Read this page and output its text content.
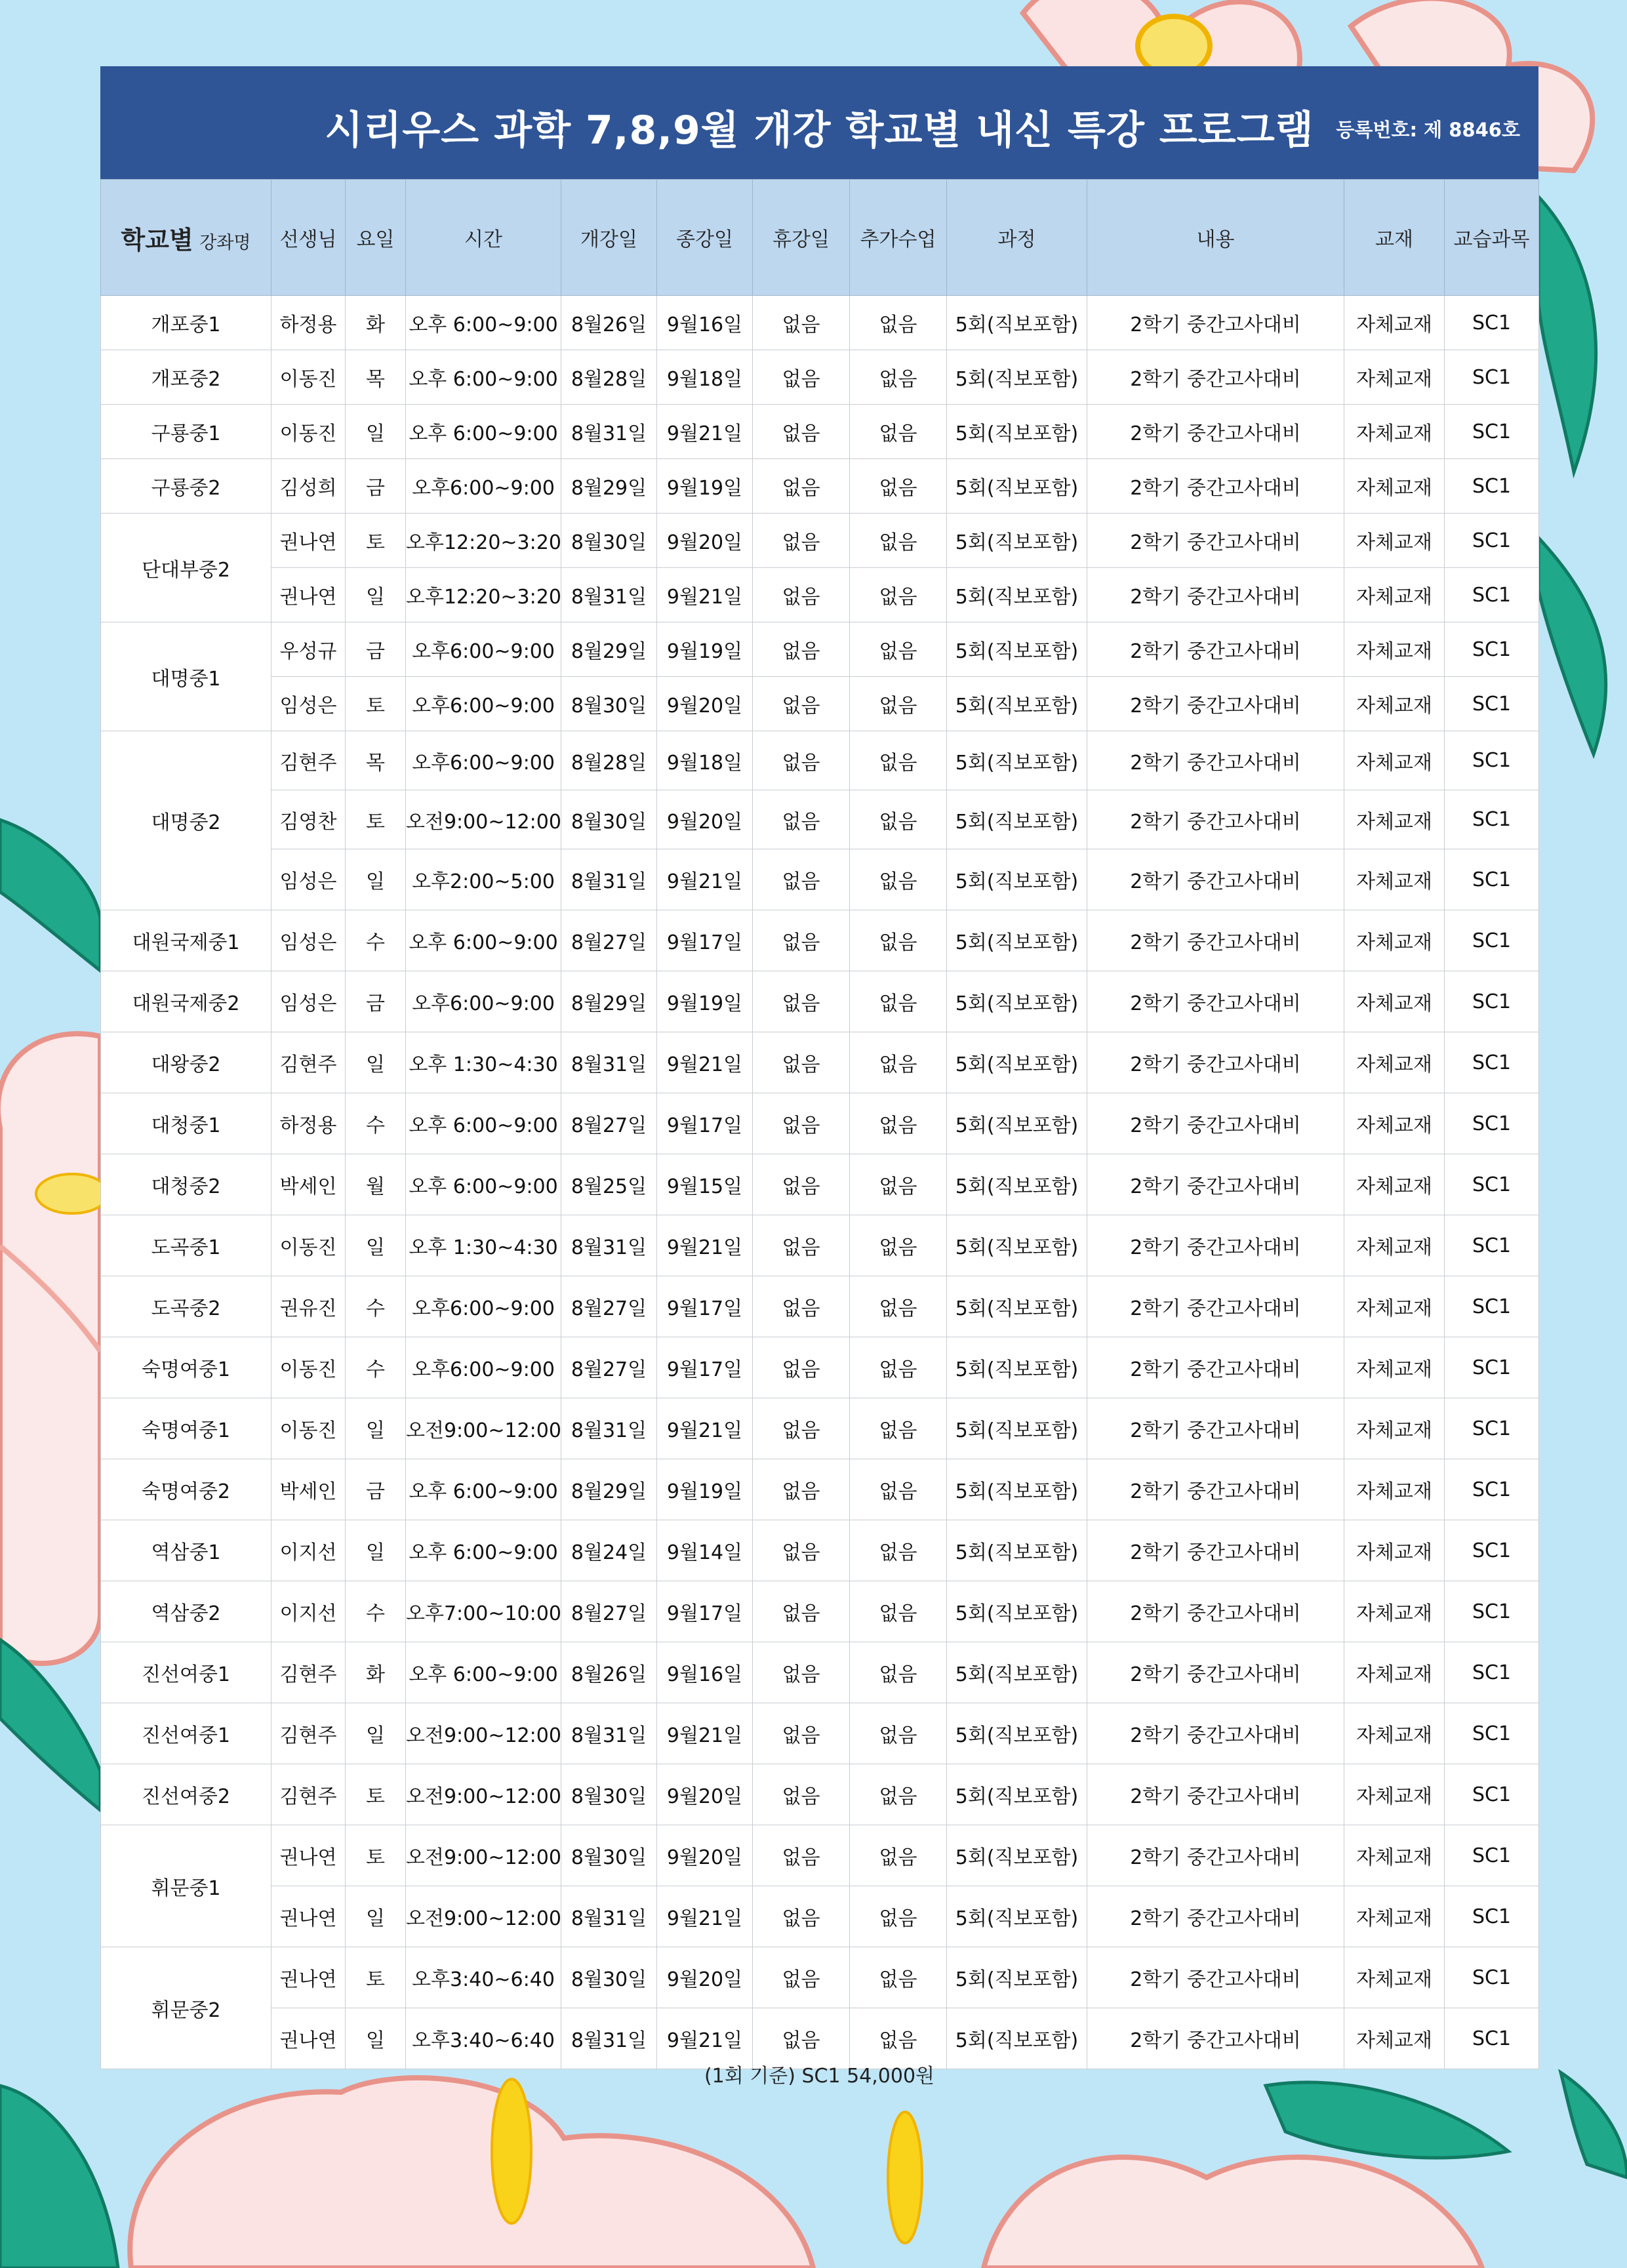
시리우스 과학 7,8,9월 개강 학교별 내신 특강 프로그램	등록번호: 제 8846호
학교별 강좌명	선생님	요일	시간	개강일	종강일	휴강일	추가수업	과정	내용	교재	교습과목
개포중1	하정용	화	오후 6:00~9:00	8월26일	9월16일	없음	없음	5회(직보포함)	2학기 중간고사대비	자체교재	SC1
개포중2	이동진	목	오후 6:00~9:00	8월28일	9월18일	없음	없음	5회(직보포함)	2학기 중간고사대비	자체교재	SC1
구룡중1	이동진	일	오후 6:00~9:00	8월31일	9월21일	없음	없음	5회(직보포함)	2학기 중간고사대비	자체교재	SC1
구룡중2	김성희	금	오후6:00~9:00	8월29일	9월19일	없음	없음	5회(직보포함)	2학기 중간고사대비	자체교재	SC1
단대부중2	권나연	토	오후12:20~3:20	8월30일	9월20일	없음	없음	5회(직보포함)	2학기 중간고사대비	자체교재	SC1
	권나연	일	오후12:20~3:20	8월31일	9월21일	없음	없음	5회(직보포함)	2학기 중간고사대비	자체교재	SC1
대명중1	우성규	금	오후6:00~9:00	8월29일	9월19일	없음	없음	5회(직보포함)	2학기 중간고사대비	자체교재	SC1
	임성은	토	오후6:00~9:00	8월30일	9월20일	없음	없음	5회(직보포함)	2학기 중간고사대비	자체교재	SC1
대명중2	김현주	목	오후6:00~9:00	8월28일	9월18일	없음	없음	5회(직보포함)	2학기 중간고사대비	자체교재	SC1
	김영찬	토	오전9:00~12:00	8월30일	9월20일	없음	없음	5회(직보포함)	2학기 중간고사대비	자체교재	SC1
	임성은	일	오후2:00~5:00	8월31일	9월21일	없음	없음	5회(직보포함)	2학기 중간고사대비	자체교재	SC1
대원국제중1	임성은	수	오후 6:00~9:00	8월27일	9월17일	없음	없음	5회(직보포함)	2학기 중간고사대비	자체교재	SC1
대원국제중2	임성은	금	오후6:00~9:00	8월29일	9월19일	없음	없음	5회(직보포함)	2학기 중간고사대비	자체교재	SC1
대왕중2	김현주	일	오후 1:30~4:30	8월31일	9월21일	없음	없음	5회(직보포함)	2학기 중간고사대비	자체교재	SC1
대청중1	하정용	수	오후 6:00~9:00	8월27일	9월17일	없음	없음	5회(직보포함)	2학기 중간고사대비	자체교재	SC1
대청중2	박세인	월	오후 6:00~9:00	8월25일	9월15일	없음	없음	5회(직보포함)	2학기 중간고사대비	자체교재	SC1
도곡중1	이동진	일	오후 1:30~4:30	8월31일	9월21일	없음	없음	5회(직보포함)	2학기 중간고사대비	자체교재	SC1
도곡중2	권유진	수	오후6:00~9:00	8월27일	9월17일	없음	없음	5회(직보포함)	2학기 중간고사대비	자체교재	SC1
숙명여중1	이동진	수	오후6:00~9:00	8월27일	9월17일	없음	없음	5회(직보포함)	2학기 중간고사대비	자체교재	SC1
숙명여중1	이동진	일	오전9:00~12:00	8월31일	9월21일	없음	없음	5회(직보포함)	2학기 중간고사대비	자체교재	SC1
숙명여중2	박세인	금	오후 6:00~9:00	8월29일	9월19일	없음	없음	5회(직보포함)	2학기 중간고사대비	자체교재	SC1
역삼중1	이지선	일	오후 6:00~9:00	8월24일	9월14일	없음	없음	5회(직보포함)	2학기 중간고사대비	자체교재	SC1
역삼중2	이지선	수	오후7:00~10:00	8월27일	9월17일	없음	없음	5회(직보포함)	2학기 중간고사대비	자체교재	SC1
진선여중1	김현주	화	오후 6:00~9:00	8월26일	9월16일	없음	없음	5회(직보포함)	2학기 중간고사대비	자체교재	SC1
진선여중1	김현주	일	오전9:00~12:00	8월31일	9월21일	없음	없음	5회(직보포함)	2학기 중간고사대비	자체교재	SC1
진선여중2	김현주	토	오전9:00~12:00	8월30일	9월20일	없음	없음	5회(직보포함)	2학기 중간고사대비	자체교재	SC1
휘문중1	권나연	토	오전9:00~12:00	8월30일	9월20일	없음	없음	5회(직보포함)	2학기 중간고사대비	자체교재	SC1
	권나연	일	오전9:00~12:00	8월31일	9월21일	없음	없음	5회(직보포함)	2학기 중간고사대비	자체교재	SC1
휘문중2	권나연	토	오후3:40~6:40	8월30일	9월20일	없음	없음	5회(직보포함)	2학기 중간고사대비	자체교재	SC1
	권나연	일	오후3:40~6:40	8월31일	9월21일	없음	없음	5회(직보포함)	2학기 중간고사대비	자체교재	SC1
(1회 기준) SC1 54,000원
